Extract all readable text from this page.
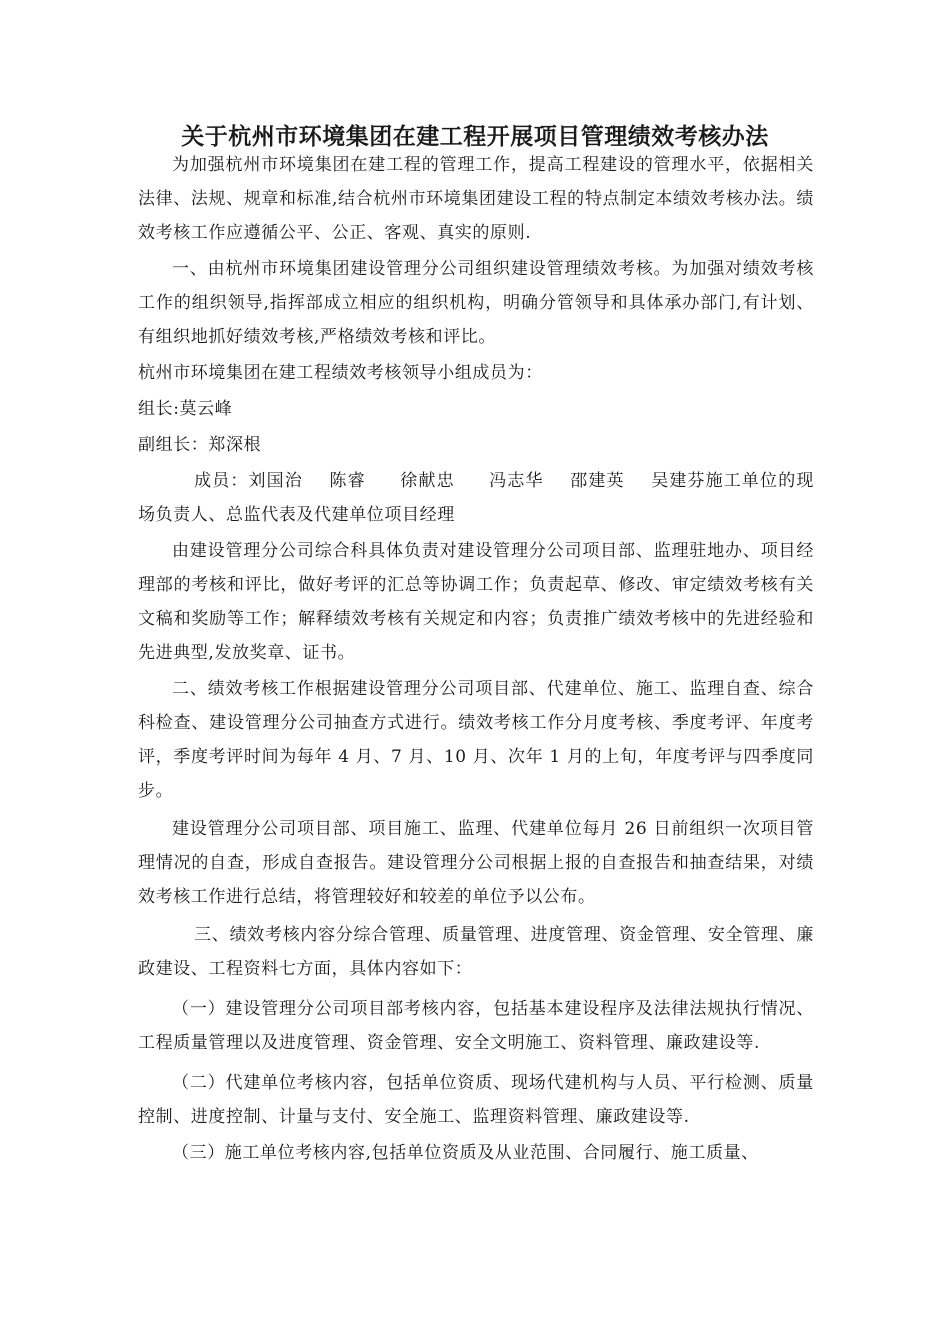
关于杭州市环境集团在建工程开展项目管理绩效考核办法

为加强杭州市环境集团在建工程的管理工作，提高工程建设的管理水平，依据相关法律、法规、规章和标准,结合杭州市环境集团建设工程的特点制定本绩效考核办法。绩效考核工作应遵循公平、公正、客观、真实的原则.

一、由杭州市环境集团建设管理分公司组织建设管理绩效考核。为加强对绩效考核工作的组织领导,指挥部成立相应的组织机构，明确分管领导和具体承办部门,有计划、有组织地抓好绩效考核,严格绩效考核和评比。

杭州市环境集团在建工程绩效考核领导小组成员为：

组长:莫云峰

副组长：郑深根

成员：刘国治 陈睿 徐献忠 冯志华 邵建英 吴建芬施工单位的现场负责人、总监代表及代建单位项目经理

由建设管理分公司综合科具体负责对建设管理分公司项目部、监理驻地办、项目经理部的考核和评比，做好考评的汇总等协调工作；负责起草、修改、审定绩效考核有关文稿和奖励等工作；解释绩效考核有关规定和内容；负责推广绩效考核中的先进经验和先进典型,发放奖章、证书。

二、绩效考核工作根据建设管理分公司项目部、代建单位、施工、监理自查、综合科检查、建设管理分公司抽查方式进行。绩效考核工作分月度考核、季度考评、年度考评，季度考评时间为每年 4 月、7 月、10 月、次年 1 月的上旬，年度考评与四季度同步。

建设管理分公司项目部、项目施工、监理、代建单位每月 26 日前组织一次项目管理情况的自查，形成自查报告。建设管理分公司根据上报的自查报告和抽查结果，对绩效考核工作进行总结，将管理较好和较差的单位予以公布。

三、绩效考核内容分综合管理、质量管理、进度管理、资金管理、安全管理、廉政建设、工程资料七方面，具体内容如下：

（一）建设管理分公司项目部考核内容，包括基本建设程序及法律法规执行情况、工程质量管理以及进度管理、资金管理、安全文明施工、资料管理、廉政建设等.

（二）代建单位考核内容，包括单位资质、现场代建机构与人员、平行检测、质量控制、进度控制、计量与支付、安全施工、监理资料管理、廉政建设等.

（三）施工单位考核内容,包括单位资质及从业范围、合同履行、施工质量、
